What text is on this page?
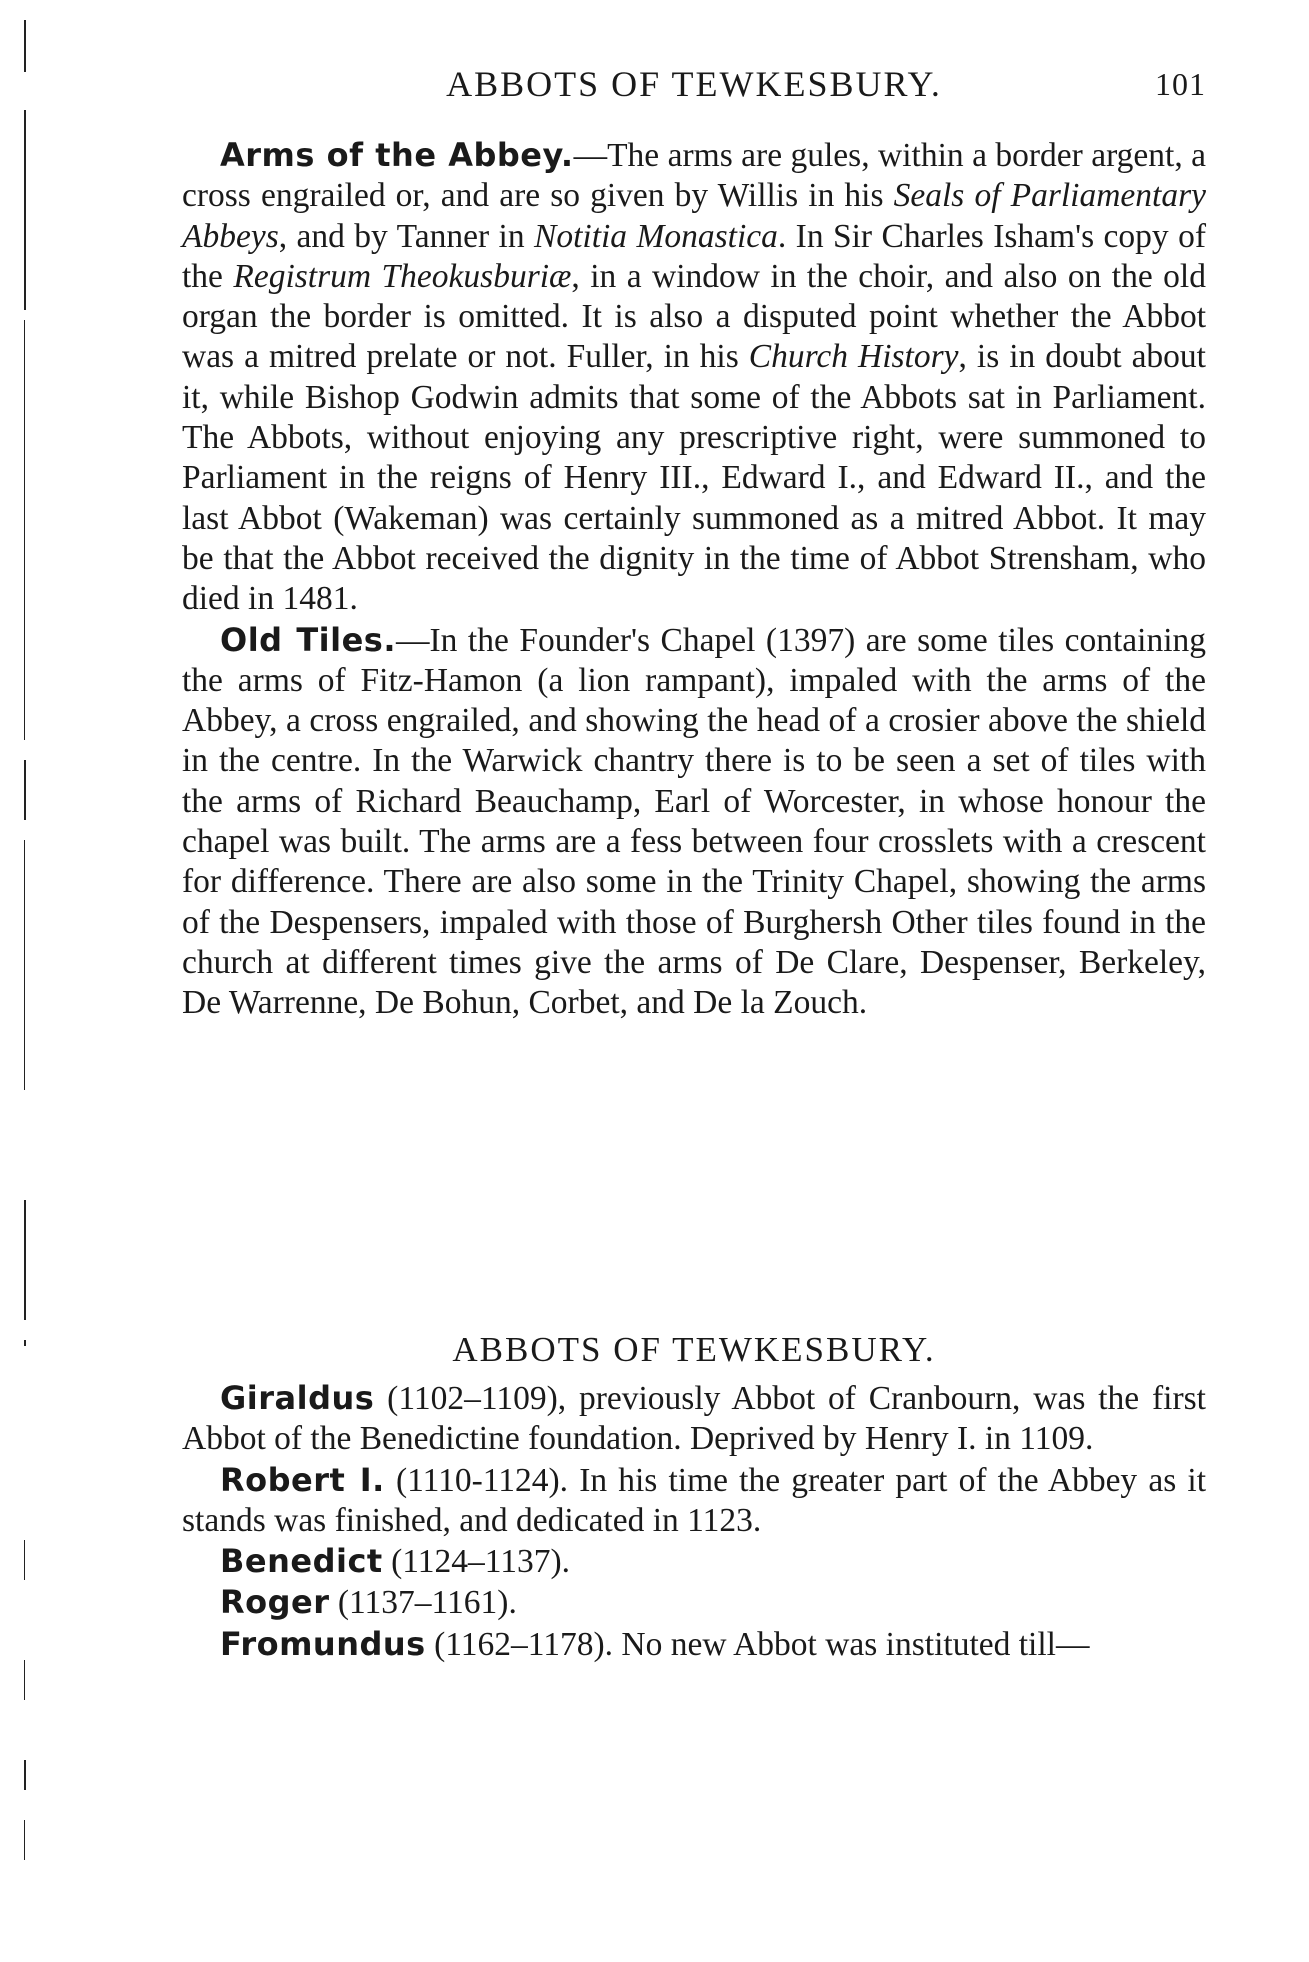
ABBOTS OF TEWKESBURY.	101

Arms of the Abbey.—The arms are gules, within a border argent, a cross engrailed or, and are so given by Willis in his Seals of Parliamentary Abbeys, and by Tanner in Notitia Monastica. In Sir Charles Isham's copy of the Registrum Theokusburiæ, in a window in the choir, and also on the old organ the border is omitted. It is also a disputed point whether the Abbot was a mitred prelate or not. Fuller, in his Church History, is in doubt about it, while Bishop Godwin admits that some of the Abbots sat in Parliament. The Abbots, without enjoying any prescriptive right, were summoned to Parliament in the reigns of Henry III., Edward I., and Edward II., and the last Abbot (Wakeman) was certainly summoned as a mitred Abbot. It may be that the Abbot received the dignity in the time of Abbot Strensham, who died in 1481.

Old Tiles.—In the Founder's Chapel (1397) are some tiles containing the arms of Fitz-Hamon (a lion rampant), impaled with the arms of the Abbey, a cross engrailed, and showing the head of a crosier above the shield in the centre. In the Warwick chantry there is to be seen a set of tiles with the arms of Richard Beauchamp, Earl of Worcester, in whose honour the chapel was built. The arms are a fess between four crosslets with a crescent for difference. There are also some in the Trinity Chapel, showing the arms of the Despensers, impaled with those of Burghersh Other tiles found in the church at different times give the arms of De Clare, Despenser, Berkeley, De Warrenne, De Bohun, Corbet, and De la Zouch.

ABBOTS OF TEWKESBURY.

Giraldus (1102–1109), previously Abbot of Cranbourn, was the first Abbot of the Benedictine foundation. Deprived by Henry I. in 1109.

Robert I. (1110-1124). In his time the greater part of the Abbey as it stands was finished, and dedicated in 1123.

Benedict (1124–1137).

Roger (1137–1161).

Fromundus (1162–1178). No new Abbot was instituted till—
